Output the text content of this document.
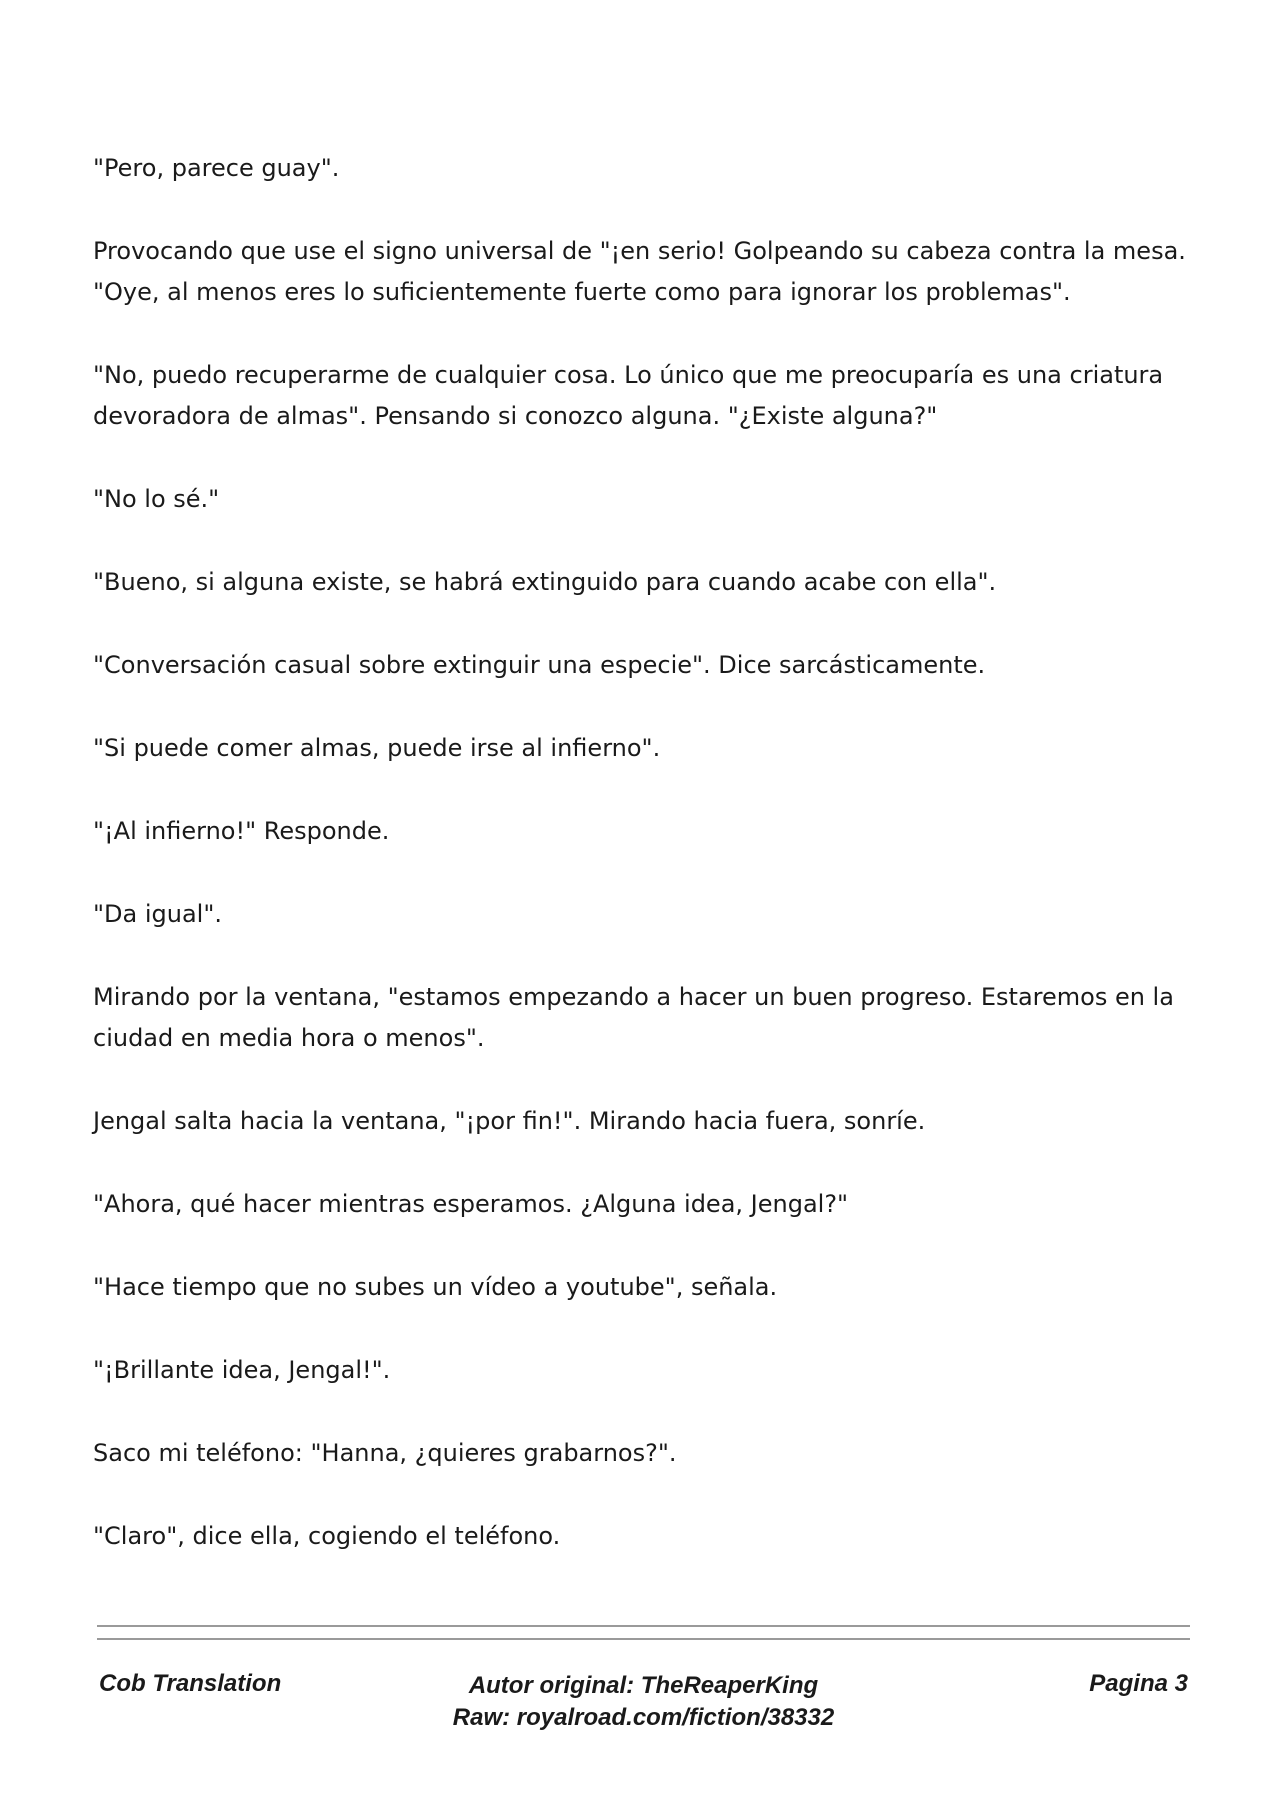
"Pero, parece guay".

Provocando que use el signo universal de "¡en serio! Golpeando su cabeza contra la mesa. "Oye, al menos eres lo suficientemente fuerte como para ignorar los problemas".

"No, puedo recuperarme de cualquier cosa. Lo único que me preocuparía es una criatura devoradora de almas". Pensando si conozco alguna. "¿Existe alguna?"

"No lo sé."

"Bueno, si alguna existe, se habrá extinguido para cuando acabe con ella".

"Conversación casual sobre extinguir una especie". Dice sarcásticamente.

"Si puede comer almas, puede irse al infierno".

"¡Al infierno!" Responde.

"Da igual".

Mirando por la ventana, "estamos empezando a hacer un buen progreso. Estaremos en la ciudad en media hora o menos".

Jengal salta hacia la ventana, "¡por fin!". Mirando hacia fuera, sonríe.

"Ahora, qué hacer mientras esperamos. ¿Alguna idea, Jengal?"

"Hace tiempo que no subes un vídeo a youtube", señala.

"¡Brillante idea, Jengal!".

Saco mi teléfono: "Hanna, ¿quieres grabarnos?".

"Claro", dice ella, cogiendo el teléfono.

Cob Translation	Autor original: TheReaperKing
Raw: royalroad.com/fiction/38332
Pagina 3
